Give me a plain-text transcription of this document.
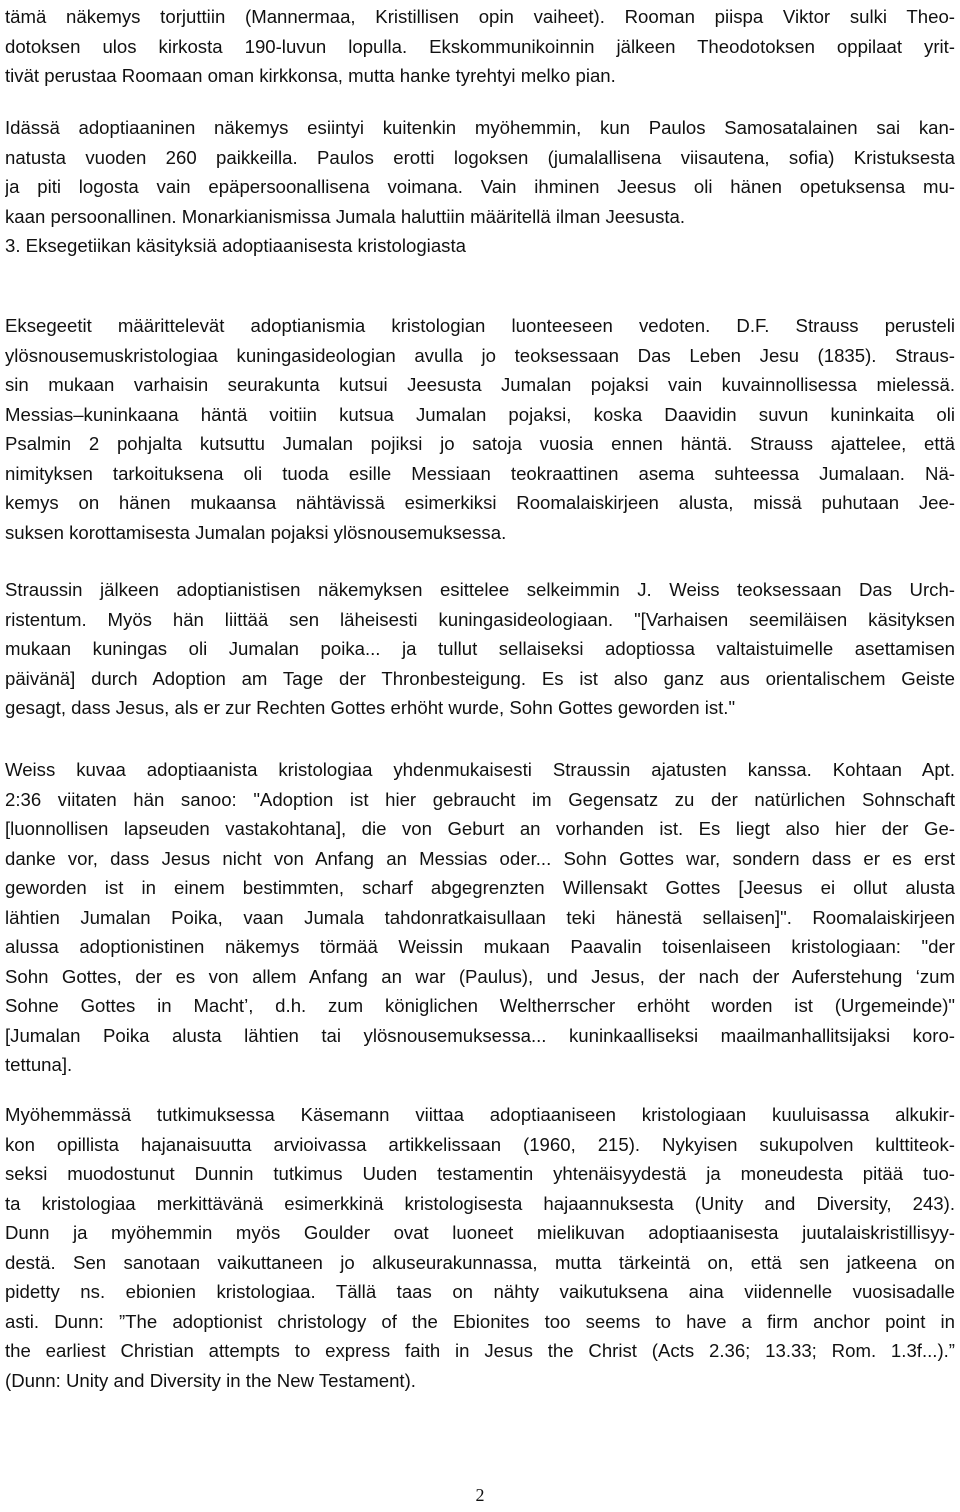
tämä näkemys torjuttiin (Mannermaa, Kristillisen opin vaiheet). Rooman piispa Viktor sulki Theo-
dotoksen ulos kirkosta 190-luvun lopulla. Ekskommunikoinnin jälkeen Theodotoksen oppilaat yrit-
tivät perustaa Roomaan oman kirkkonsa, mutta hanke tyrehtyi melko pian.
Idässä adoptiaaninen näkemys esiintyi kuitenkin myöhemmin, kun Paulos Samosatalainen sai kan-
natusta vuoden 260 paikkeilla. Paulos erotti logoksen (jumalallisena viisautena, sofia) Kristuksesta
ja piti logosta vain epäpersoonallisena voimana. Vain ihminen Jeesus oli hänen opetuksensa mu-
kaan persoonallinen. Monarkianismissa Jumala haluttiin määritellä ilman Jeesusta.
3. Eksegetiikan käsityksiä adoptiaanisesta kristologiasta
Eksegeetit määrittelevät adoptianismia kristologian luonteeseen vedoten. D.F. Strauss perusteli
ylösnousemuskristologiaa kuningasideologian avulla jo teoksessaan Das Leben Jesu (1835). Straus-
sin mukaan varhaisin seurakunta kutsui Jeesusta Jumalan pojaksi vain kuvainnollisessa mielessä.
Messias–kuninkaana häntä voitiin kutsua Jumalan pojaksi, koska Daavidin suvun kuninkaita oli
Psalmin 2 pohjalta kutsuttu Jumalan pojiksi jo satoja vuosia ennen häntä. Strauss ajattelee, että
nimityksen tarkoituksena oli tuoda esille Messiaan teokraattinen asema suhteessa Jumalaan. Nä-
kemys on hänen mukaansa nähtävissä esimerkiksi Roomalaiskirjeen alusta, missä puhutaan Jee-
suksen korottamisesta Jumalan pojaksi ylösnousemuksessa.
Straussin jälkeen adoptianistisen näkemyksen esittelee selkeimmin J. Weiss teoksessaan Das Urch-
ristentum. Myös hän liittää sen läheisesti kuningasideologiaan. "[Varhaisen seemiläisen käsityksen
mukaan kuningas oli Jumalan poika... ja tullut sellaiseksi adoptiossa valtaistuimelle asettamisen
päivänä] durch Adoption am Tage der Thronbesteigung. Es ist also ganz aus orientalischem Geiste
gesagt, dass Jesus, als er zur Rechten Gottes erhöht wurde, Sohn Gottes geworden ist."
Weiss kuvaa adoptiaanista kristologiaa yhdenmukaisesti Straussin ajatusten kanssa. Kohtaan Apt.
2:36 viitaten hän sanoo: "Adoption ist hier gebraucht im Gegensatz zu der natürlichen Sohnschaft
[luonnollisen lapseuden vastakohtana], die von Geburt an vorhanden ist. Es liegt also hier der Ge-
danke vor, dass Jesus nicht von Anfang an Messias oder... Sohn Gottes war, sondern dass er es erst
geworden ist in einem bestimmten, scharf abgegrenzten Willensakt Gottes [Jeesus ei ollut alusta
lähtien Jumalan Poika, vaan Jumala tahdonratkaisullaan teki hänestä sellaisen]". Roomalaiskirjeen
alussa adoptionistinen näkemys törmää Weissin mukaan Paavalin toisenlaiseen kristologiaan: "der
Sohn Gottes, der es von allem Anfang an war (Paulus), und Jesus, der nach der Auferstehung ‘zum
Sohne Gottes in Macht’, d.h. zum königlichen Weltherrscher erhöht worden ist (Urgemeinde)"
[Jumalan Poika alusta lähtien tai ylösnousemuksessa... kuninkaalliseksi maailmanhallitsijaksi koro-
tettuna].
Myöhemmässä tutkimuksessa Käsemann viittaa adoptiaaniseen kristologiaan kuuluisassa alkukir-
kon opillista hajanaisuutta arvioivassa artikkelissaan (1960, 215). Nykyisen sukupolven kulttiteok-
seksi muodostunut Dunnin tutkimus Uuden testamentin yhtenäisyydestä ja moneudesta pitää tuo-
ta kristologiaa merkittävänä esimerkkinä kristologisesta hajaannuksesta (Unity and Diversity, 243).
Dunn ja myöhemmin myös Goulder ovat luoneet mielikuvan adoptiaanisesta juutalaiskristillisyy-
destä. Sen sanotaan vaikuttaneen jo alkuseurakunnassa, mutta tärkeintä on, että sen jatkeena on
pidetty ns. ebionien kristologiaa. Tällä taas on nähty vaikutuksena aina viidennelle vuosisadalle
asti. Dunn: ”The adoptionist christology of the Ebionites too seems to have a firm anchor point in
the earliest Christian attempts to express faith in Jesus the Christ (Acts 2.36; 13.33; Rom. 1.3f...).”
(Dunn: Unity and Diversity in the New Testament).
2
